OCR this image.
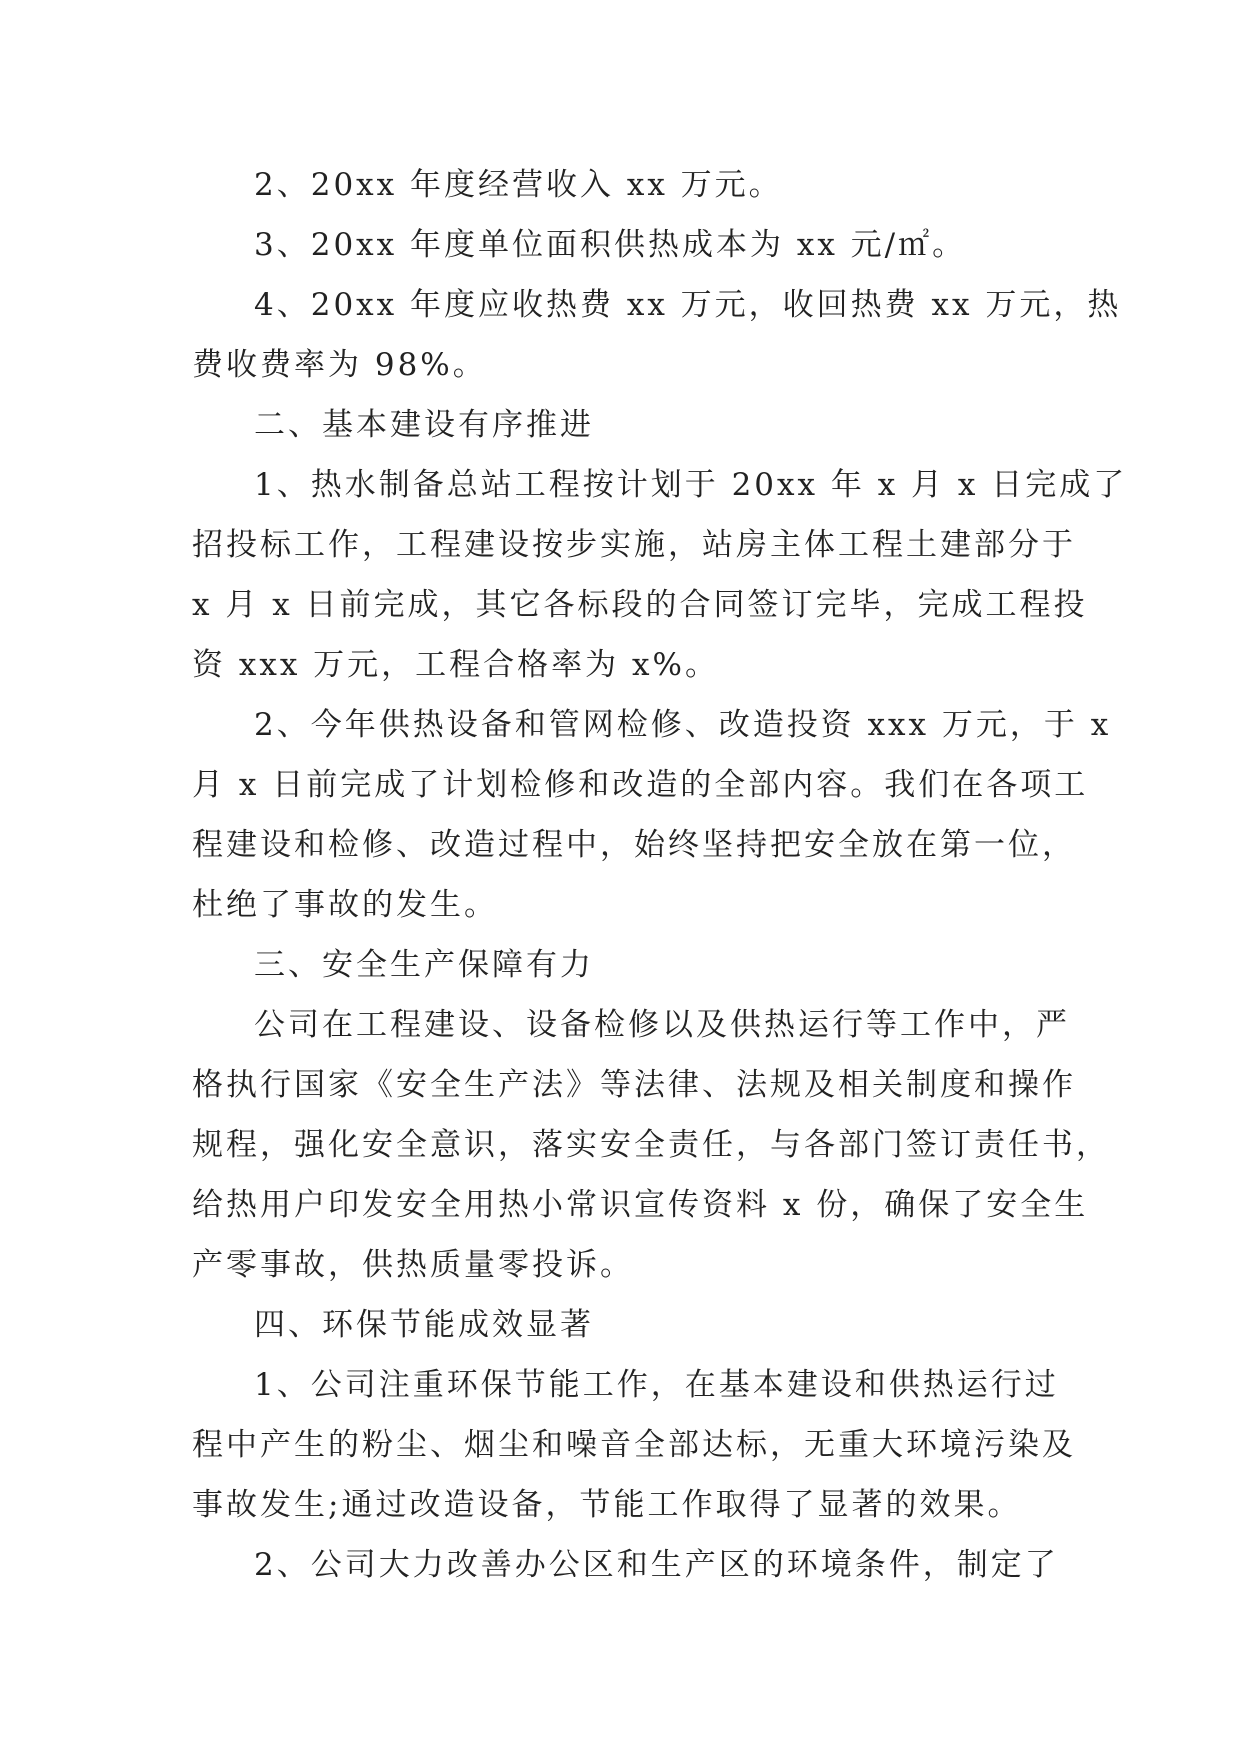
2、20xx 年度经营收入 xx 万元。
3、20xx 年度单位面积供热成本为 xx 元/㎡。
4、20xx 年度应收热费 xx 万元，收回热费 xx 万元，热
费收费率为 98%。
二、基本建设有序推进
1、热水制备总站工程按计划于 20xx 年 x 月 x 日完成了
招投标工作，工程建设按步实施，站房主体工程土建部分于
x 月 x 日前完成，其它各标段的合同签订完毕，完成工程投
资 xxx 万元，工程合格率为 x%。
2、今年供热设备和管网检修、改造投资 xxx 万元，于 x
月 x 日前完成了计划检修和改造的全部内容。我们在各项工
程建设和检修、改造过程中，始终坚持把安全放在第一位，
杜绝了事故的发生。
三、安全生产保障有力
公司在工程建设、设备检修以及供热运行等工作中，严
格执行国家《安全生产法》等法律、法规及相关制度和操作
规程，强化安全意识，落实安全责任，与各部门签订责任书，
给热用户印发安全用热小常识宣传资料 x 份，确保了安全生
产零事故，供热质量零投诉。
四、环保节能成效显著
1、公司注重环保节能工作，在基本建设和供热运行过
程中产生的粉尘、烟尘和噪音全部达标，无重大环境污染及
事故发生;通过改造设备，节能工作取得了显著的效果。
2、公司大力改善办公区和生产区的环境条件，制定了
